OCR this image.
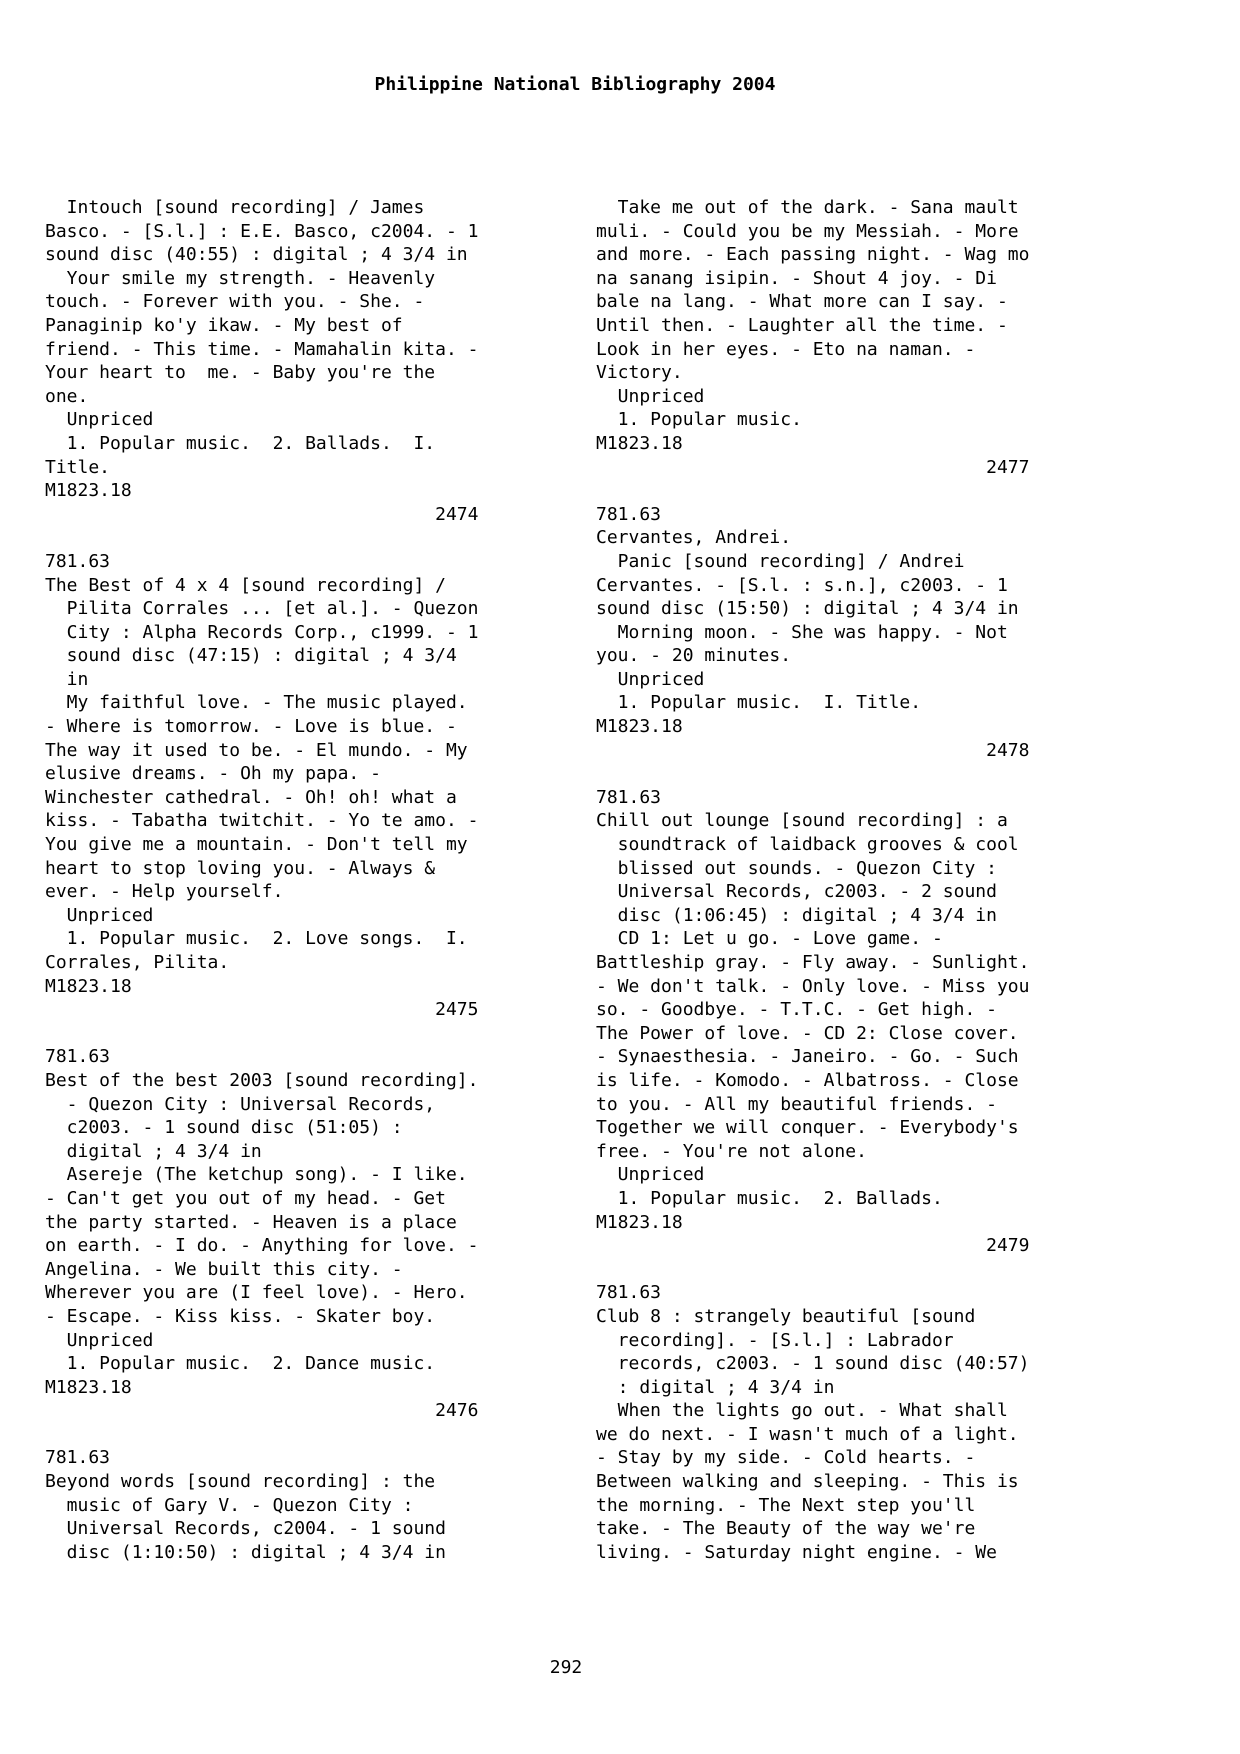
Philippine National Bibliography 2004
Intouch [sound recording] / James
Basco. - [S.l.] : E.E. Basco, c2004. - 1
sound disc (40:55) : digital ; 4 3/4 in
Your smile my strength. - Heavenly
touch. - Forever with you. - She. -
Panaginip ko'y ikaw. - My best of
friend. - This time. - Mamahalin kita. -
Your heart to  me. - Baby you're the
one.
Unpriced
1. Popular music.  2. Ballads.  I.
Title.
M1823.18
2474
781.63
The Best of 4 x 4 [sound recording] /
Pilita Corrales ... [et al.]. - Quezon
City : Alpha Records Corp., c1999. - 1
sound disc (47:15) : digital ; 4 3/4
in
My faithful love. - The music played.
- Where is tomorrow. - Love is blue. -
The way it used to be. - El mundo. - My
elusive dreams. - Oh my papa. -
Winchester cathedral. - Oh! oh! what a
kiss. - Tabatha twitchit. - Yo te amo. -
You give me a mountain. - Don't tell my
heart to stop loving you. - Always &
ever. - Help yourself.
Unpriced
1. Popular music.  2. Love songs.  I.
Corrales, Pilita.
M1823.18
2475
781.63
Best of the best 2003 [sound recording].
- Quezon City : Universal Records,
c2003. - 1 sound disc (51:05) :
digital ; 4 3/4 in
Asereje (The ketchup song). - I like.
- Can't get you out of my head. - Get
the party started. - Heaven is a place
on earth. - I do. - Anything for love. -
Angelina. - We built this city. -
Wherever you are (I feel love). - Hero.
- Escape. - Kiss kiss. - Skater boy.
Unpriced
1. Popular music.  2. Dance music.
M1823.18
2476
781.63
Beyond words [sound recording] : the
music of Gary V. - Quezon City :
Universal Records, c2004. - 1 sound
disc (1:10:50) : digital ; 4 3/4 in
Take me out of the dark. - Sana mault
muli. - Could you be my Messiah. - More
and more. - Each passing night. - Wag mo
na sanang isipin. - Shout 4 joy. - Di
bale na lang. - What more can I say. -
Until then. - Laughter all the time. -
Look in her eyes. - Eto na naman. -
Victory.
Unpriced
1. Popular music.
M1823.18
2477
781.63
Cervantes, Andrei.
Panic [sound recording] / Andrei
Cervantes. - [S.l. : s.n.], c2003. - 1
sound disc (15:50) : digital ; 4 3/4 in
Morning moon. - She was happy. - Not
you. - 20 minutes.
Unpriced
1. Popular music.  I. Title.
M1823.18
2478
781.63
Chill out lounge [sound recording] : a
soundtrack of laidback grooves & cool
blissed out sounds. - Quezon City :
Universal Records, c2003. - 2 sound
disc (1:06:45) : digital ; 4 3/4 in
CD 1: Let u go. - Love game. -
Battleship gray. - Fly away. - Sunlight.
- We don't talk. - Only love. - Miss you
so. - Goodbye. - T.T.C. - Get high. -
The Power of love. - CD 2: Close cover.
- Synaesthesia. - Janeiro. - Go. - Such
is life. - Komodo. - Albatross. - Close
to you. - All my beautiful friends. -
Together we will conquer. - Everybody's
free. - You're not alone.
Unpriced
1. Popular music.  2. Ballads.
M1823.18
2479
781.63
Club 8 : strangely beautiful [sound
recording]. - [S.l.] : Labrador
records, c2003. - 1 sound disc (40:57)
: digital ; 4 3/4 in
When the lights go out. - What shall
we do next. - I wasn't much of a light.
- Stay by my side. - Cold hearts. -
Between walking and sleeping. - This is
the morning. - The Next step you'll
take. - The Beauty of the way we're
living. - Saturday night engine. - We
292
